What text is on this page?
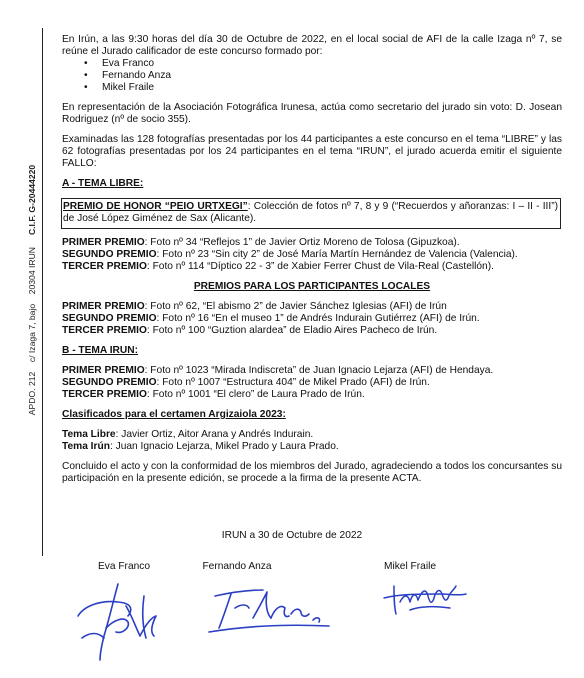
APDO. 212    c/ Izaga 7, bajo    20304 IRUN     C.I.F. G-20444220

En Irún, a las 9:30 horas del día 30 de Octubre de 2022, en el local social de AFI de la calle Izaga nº 7, se reúne el Jurado calificador de este concurso formado por:

• Eva Franco
• Fernando Anza
• Mikel Fraile

En representación de la Asociación Fotográfica Irunesa, actúa como secretario del jurado sin voto: D. Josean Rodriguez (nº de socio 355).

Examinadas las 128 fotografías presentadas por los 44 participantes a este concurso en el tema “LIBRE” y las 62 fotografías presentadas por los 24 participantes en el tema “IRUN”, el jurado acuerda emitir el siguiente FALLO:

A - TEMA LIBRE:

PREMIO DE HONOR “PEIO URTXEGI”: Colección de fotos nº 7, 8 y 9 (“Recuerdos y añoranzas: I – II - III”) de José López Giménez de Sax (Alicante).

PRIMER PREMIO: Foto nº 34 “Reflejos 1” de Javier Ortiz Moreno de Tolosa (Gipuzkoa).

SEGUNDO PREMIO: Foto nº 23 “Sin city 2” de José María Martín Hernández de Valencia (Valencia).

TERCER PREMIO: Foto nº 114 “Díptico 22 - 3” de Xabier Ferrer Chust de Vila-Real (Castellón).

PREMIOS PARA LOS PARTICIPANTES LOCALES

PRIMER PREMIO: Foto nº 62, “El abismo 2” de Javier Sánchez Iglesias (AFI) de Irún

SEGUNDO PREMIO: Foto nº 16 “En el museo 1” de Andrés Indurain Gutiérrez (AFI) de Irún.

TERCER PREMIO: Foto nº 100 “Guztion alardea” de Eladio Aires Pacheco de Irún.

B - TEMA IRUN:

PRIMER PREMIO: Foto nº 1023 “Mirada Indiscreta” de Juan Ignacio Lejarza (AFI) de Hendaya.

SEGUNDO PREMIO: Foto nº 1007 “Estructura 404” de Mikel Prado (AFI) de Irún.

TERCER PREMIO: Foto nº 1001 “El clero” de Laura Prado de Irún.

Clasificados para el certamen Argizaiola 2023:

Tema Libre: Javier Ortiz, Aitor Arana y Andrés Indurain.

Tema Irún: Juan Ignacio Lejarza, Mikel Prado y Laura Prado.

Concluido el acto y con la conformidad de los miembros del Jurado, agradeciendo a todos los concursantes su participación en la presente edición, se procede a la firma de la presente ACTA.

IRUN a 30 de Octubre de 2022

Eva Franco	Fernando Anza	Mikel Fraile
